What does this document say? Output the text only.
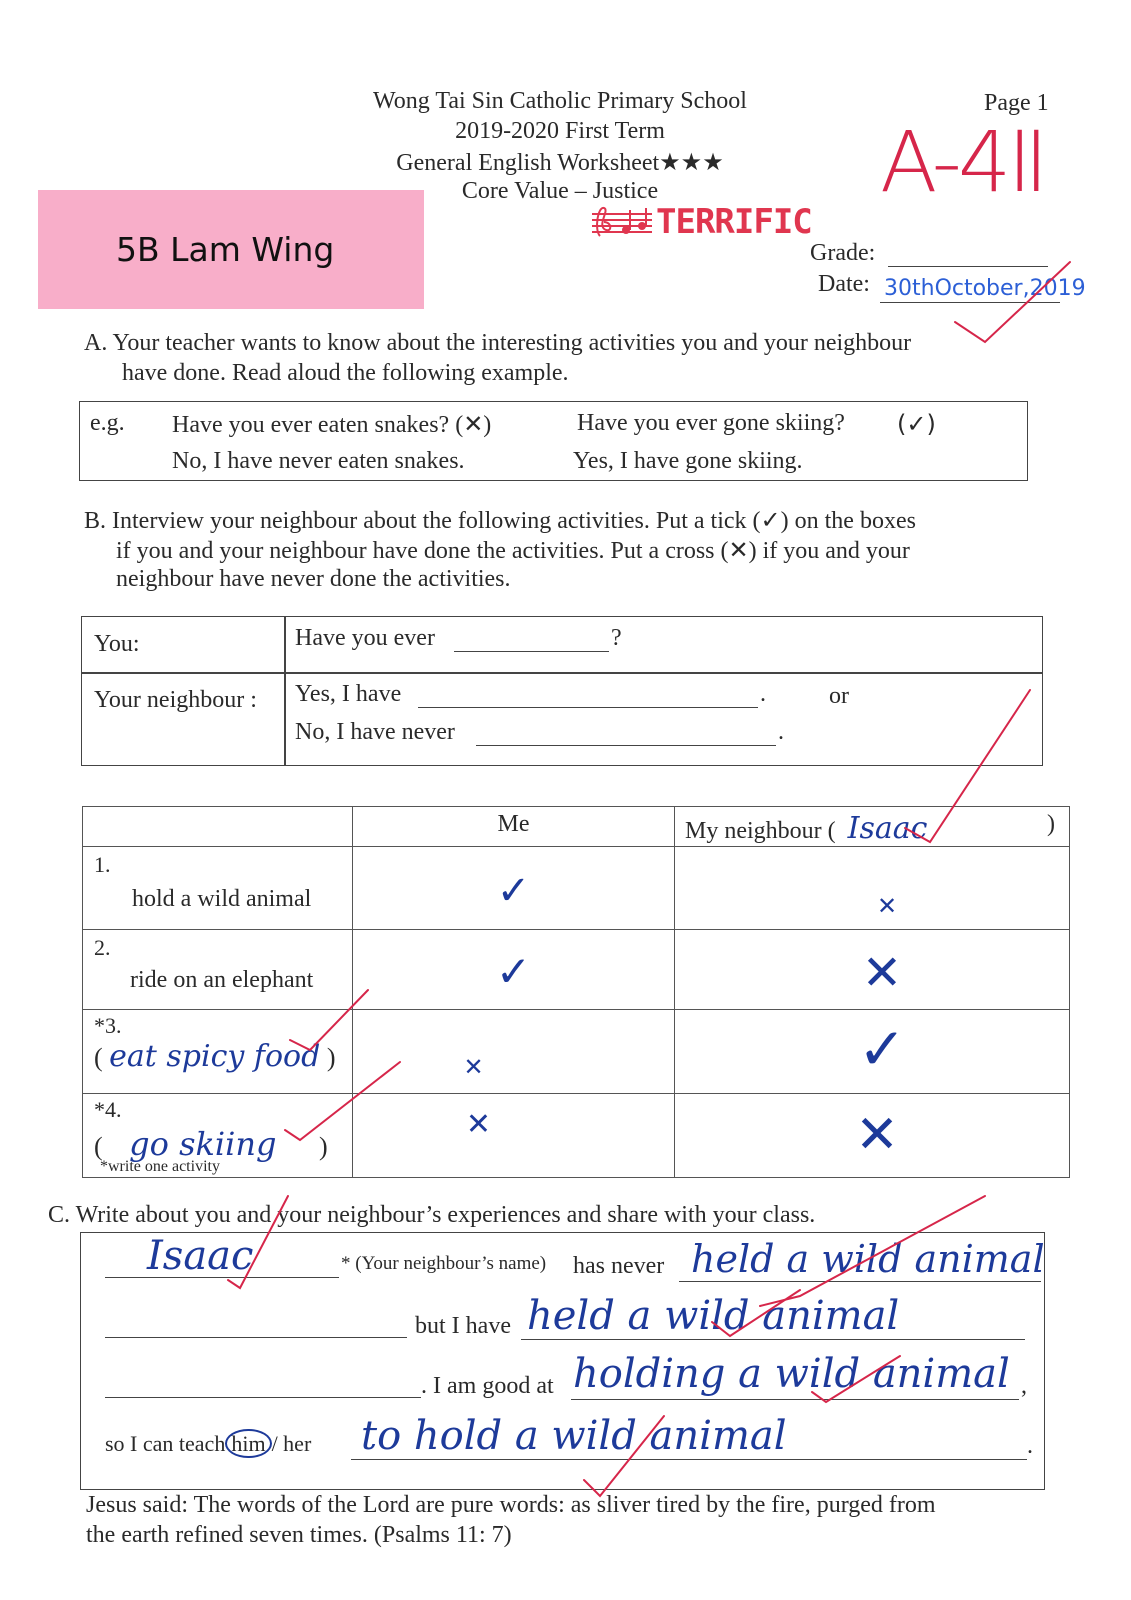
Wong Tai Sin Catholic Primary School
2019-2020 First Term
General English Worksheet★★★
Core Value – Justice
Page 1
5B Lam Wing
TERRIFIC
Grade:
A-4Ⅱ
Date: 30thOctober,2019
A. Your teacher wants to know about the interesting activities you and your neighbour
have done. Read aloud the following example.
e.g. Have you ever eaten snakes? (✕)
No, I have never eaten snakes.
Have you ever gone skiing? (✓)
Yes, I have gone skiing.
B. Interview your neighbour about the following activities. Put a tick (✓) on the boxes
if you and your neighbour have done the activities. Put a cross (✕) if you and your
neighbour have never done the activities.
You:	Have you ever	?
Your neighbour : Yes, I have	.	or
No, I have never	.
	Me	My neighbour ( Isaac )

1.
hold a wild animal	✓	✕

2.
ride on an elephant	✓	✕

*3.
( eat spicy food )	✕	✓

*4.
( go skiing )	✕	✕
*write one activity
C. Write about you and your neighbour’s experiences and share with your class.
Isaac	* (Your neighbour’s name) has never held a wild animal
but I have held a wild animal
. I am good at holding a wild animal ,
so I can teach him / her to hold a wild animal	.
Jesus said: The words of the Lord are pure words: as sliver tired by the fire, purged from
the earth refined seven times. (Psalms 11: 7)
